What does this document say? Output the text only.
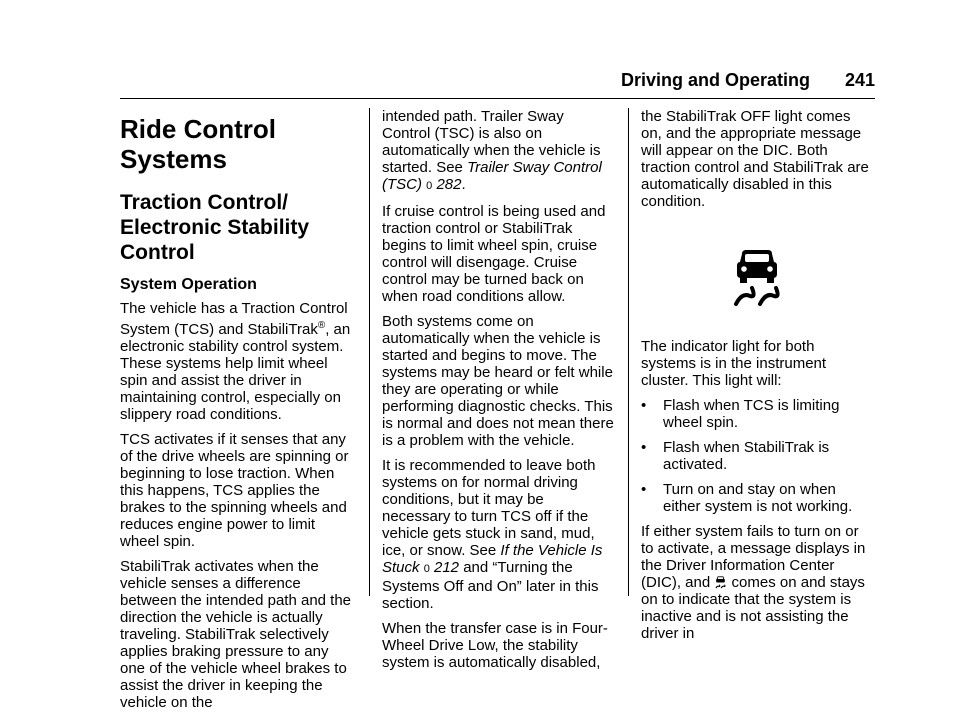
Driving and Operating 241
Ride Control Systems
Traction Control/ Electronic Stability Control
System Operation

The vehicle has a Traction Control System (TCS) and StabiliTrak®, an electronic stability control system. These systems help limit wheel spin and assist the driver in maintaining control, especially on slippery road conditions.

TCS activates if it senses that any of the drive wheels are spinning or beginning to lose traction. When this happens, TCS applies the brakes to the spinning wheels and reduces engine power to limit wheel spin.

StabiliTrak activates when the vehicle senses a difference between the intended path and the direction the vehicle is actually traveling. StabiliTrak selectively applies braking pressure to any one of the vehicle wheel brakes to assist the driver in keeping the vehicle on the

intended path. Trailer Sway Control (TSC) is also on automatically when the vehicle is started. See Trailer Sway Control (TSC) 0 282.

If cruise control is being used and traction control or StabiliTrak begins to limit wheel spin, cruise control will disengage. Cruise control may be turned back on when road conditions allow.

Both systems come on automatically when the vehicle is started and begins to move. The systems may be heard or felt while they are operating or while performing diagnostic checks. This is normal and does not mean there is a problem with the vehicle.

It is recommended to leave both systems on for normal driving conditions, but it may be necessary to turn TCS off if the vehicle gets stuck in sand, mud, ice, or snow. See If the Vehicle Is Stuck 0 212 and “Turning the Systems Off and On” later in this section.

When the transfer case is in Four-Wheel Drive Low, the stability system is automatically disabled,

the StabiliTrak OFF light comes on, and the appropriate message will appear on the DIC. Both traction control and StabiliTrak are automatically disabled in this condition.

The indicator light for both systems is in the instrument cluster. This light will:

• Flash when TCS is limiting wheel spin.
• Flash when StabiliTrak is activated.
• Turn on and stay on when either system is not working.

If either system fails to turn on or to activate, a message displays in the Driver Information Center (DIC), and comes on and stays on to indicate that the system is inactive and is not assisting the driver in
